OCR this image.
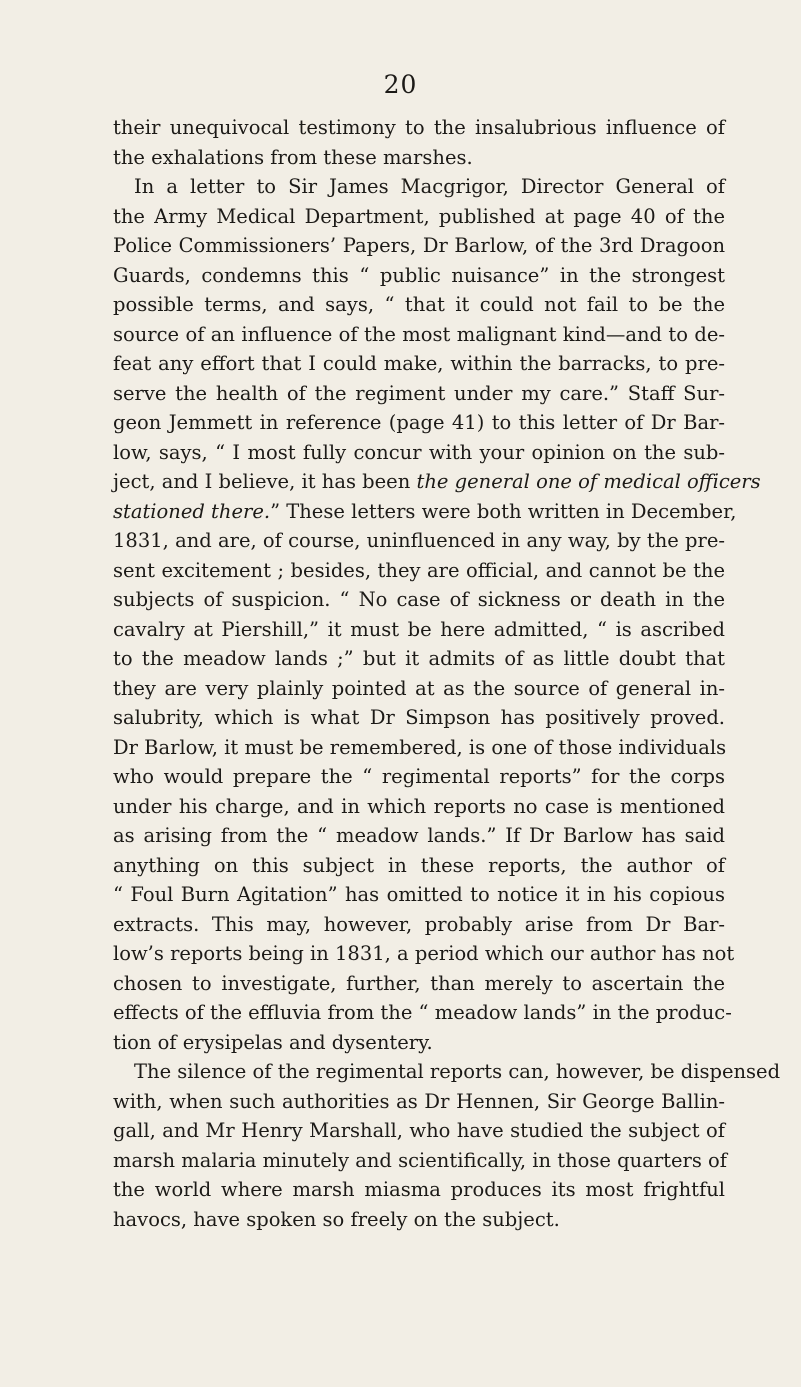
20
their unequivocal testimony to the insalubrious influence of
the exhalations from these marshes.
In a letter to Sir James Macgrigor, Director General of
the Army Medical Department, published at page 40 of the
Police Commissioners’ Papers, Dr Barlow, of the 3rd Dragoon
Guards, condemns this “ public nuisance” in the strongest
possible terms, and says, “ that it could not fail to be the
source of an influence of the most malignant kind—and to de-
feat any effort that I could make, within the barracks, to pre-
serve the health of the regiment under my care.” Staff Sur-
geon Jemmett in reference (page 41) to this letter of Dr Bar-
low, says, “ I most fully concur with your opinion on the sub-
ject, and I believe, it has been the general one of medical officers
stationed there.” These letters were both written in December,
1831, and are, of course, uninfluenced in any way, by the pre-
sent excitement ; besides, they are official, and cannot be the
subjects of suspicion. “ No case of sickness or death in the
cavalry at Piershill,” it must be here admitted, “ is ascribed
to the meadow lands ;” but it admits of as little doubt that
they are very plainly pointed at as the source of general in-
salubrity, which is what Dr Simpson has positively proved.
Dr Barlow, it must be remembered, is one of those individuals
who would prepare the “ regimental reports” for the corps
under his charge, and in which reports no case is mentioned
as arising from the “ meadow lands.” If Dr Barlow has said
anything on this subject in these reports, the author of
“ Foul Burn Agitation” has omitted to notice it in his copious
extracts. This may, however, probably arise from Dr Bar-
low’s reports being in 1831, a period which our author has not
chosen to investigate, further, than merely to ascertain the
effects of the effluvia from the “ meadow lands” in the produc-
tion of erysipelas and dysentery.
The silence of the regimental reports can, however, be dispensed
with, when such authorities as Dr Hennen, Sir George Ballin-
gall, and Mr Henry Marshall, who have studied the subject of
marsh malaria minutely and scientifically, in those quarters of
the world where marsh miasma produces its most frightful
havocs, have spoken so freely on the subject.
